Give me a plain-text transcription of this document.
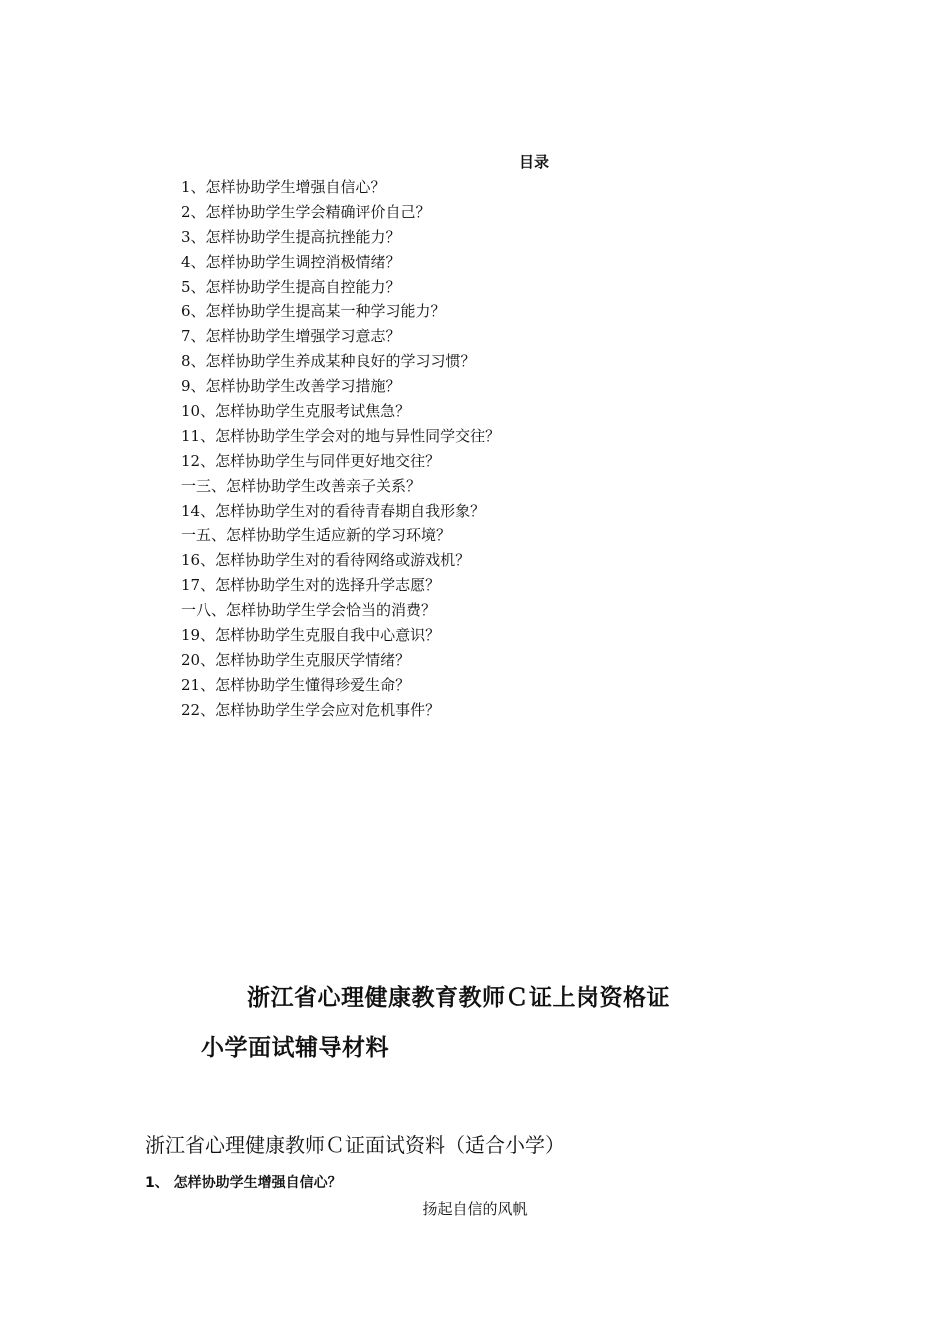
目录
1、怎样协助学生增强自信心？
2、怎样协助学生学会精确评价自己？
3、怎样协助学生提高抗挫能力？
4、怎样协助学生调控消极情绪？
5、怎样协助学生提高自控能力？
6、怎样协助学生提高某一种学习能力？
7、怎样协助学生增强学习意志？
8、怎样协助学生养成某种良好的学习习惯？
9、怎样协助学生改善学习措施？
10、怎样协助学生克服考试焦急？
11、怎样协助学生学会对的地与异性同学交往？
12、怎样协助学生与同伴更好地交往？
一三、怎样协助学生改善亲子关系？
14、怎样协助学生对的看待青春期自我形象？
一五、怎样协助学生适应新的学习环境？
16、怎样协助学生对的看待网络或游戏机？
17、怎样协助学生对的选择升学志愿？
一八、怎样协助学生学会恰当的消费？
19、怎样协助学生克服自我中心意识？
20、怎样协助学生克服厌学情绪？
21、怎样协助学生懂得珍爱生命？
22、怎样协助学生学会应对危机事件？
浙江省心理健康教育教师Ｃ证上岗资格证
小学面试辅导材料
浙江省心理健康教师Ｃ证面试资料（适合小学）
1、 怎样协助学生增强自信心？
扬起自信的风帆
